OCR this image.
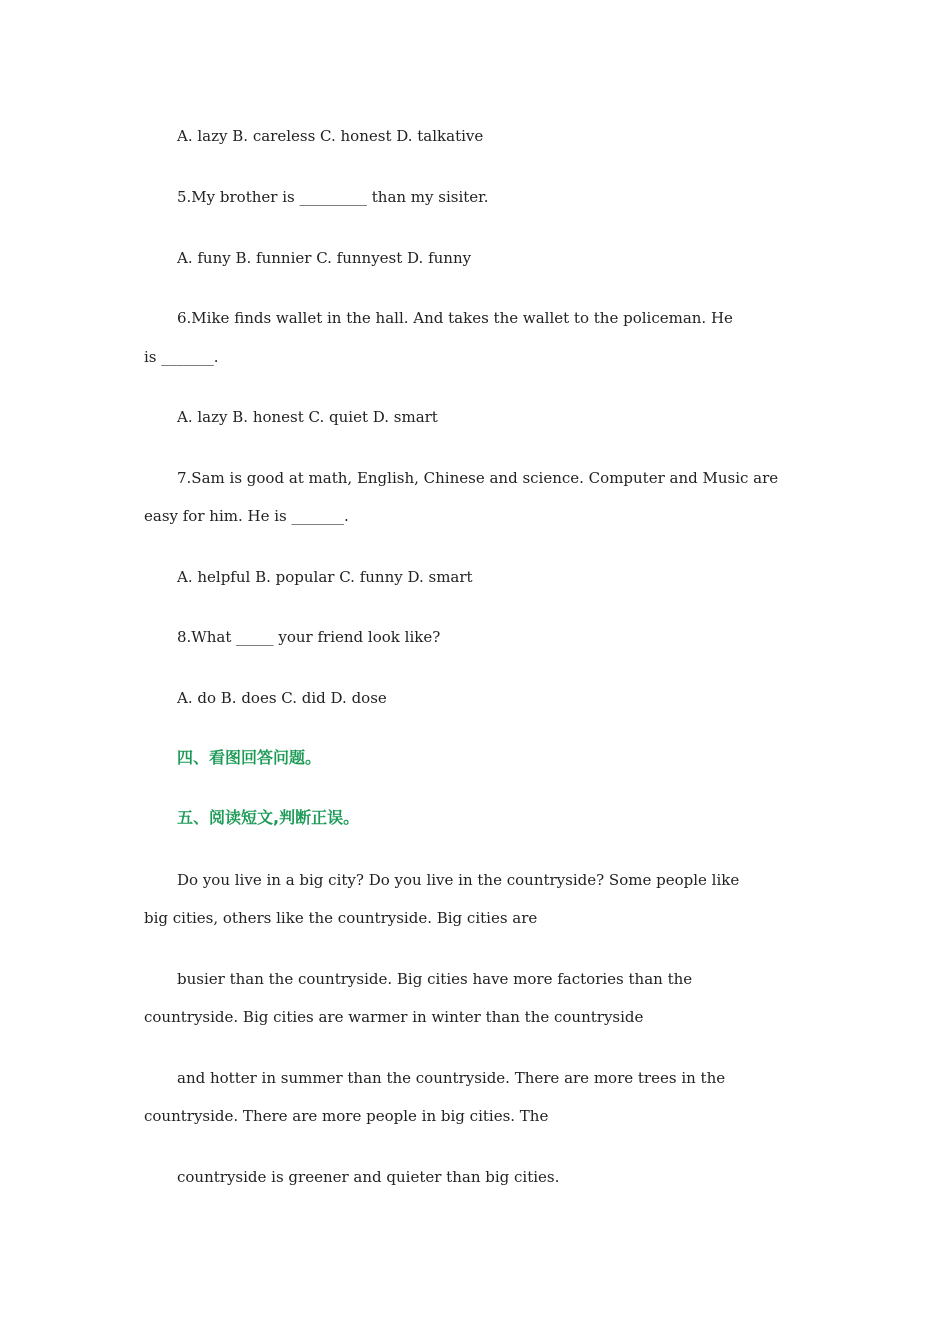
A. lazy B. careless C. honest D. talkative

5.My brother is _________ than my sisiter.

A. funy B. funnier C. funnyest D. funny

6.Mike finds wallet in the hall. And takes the wallet to the policeman. He

is _______.

A. lazy B. honest C. quiet D. smart

7.Sam is good at math, English, Chinese and science. Computer and Music are

easy for him. He is _______.

A. helpful B. popular C. funny D. smart

8.What _____ your friend look like?

A. do B. does C. did D. dose

四、看图回答问题。

五、阅读短文,判断正误。

Do you live in a big city? Do you live in the countryside? Some people like

big cities, others like the countryside. Big cities are

busier than the countryside. Big cities have more factories than the

countryside. Big cities are warmer in winter than the countryside

and hotter in summer than the countryside. There are more trees in the

countryside. There are more people in big cities. The

countryside is greener and quieter than big cities.
